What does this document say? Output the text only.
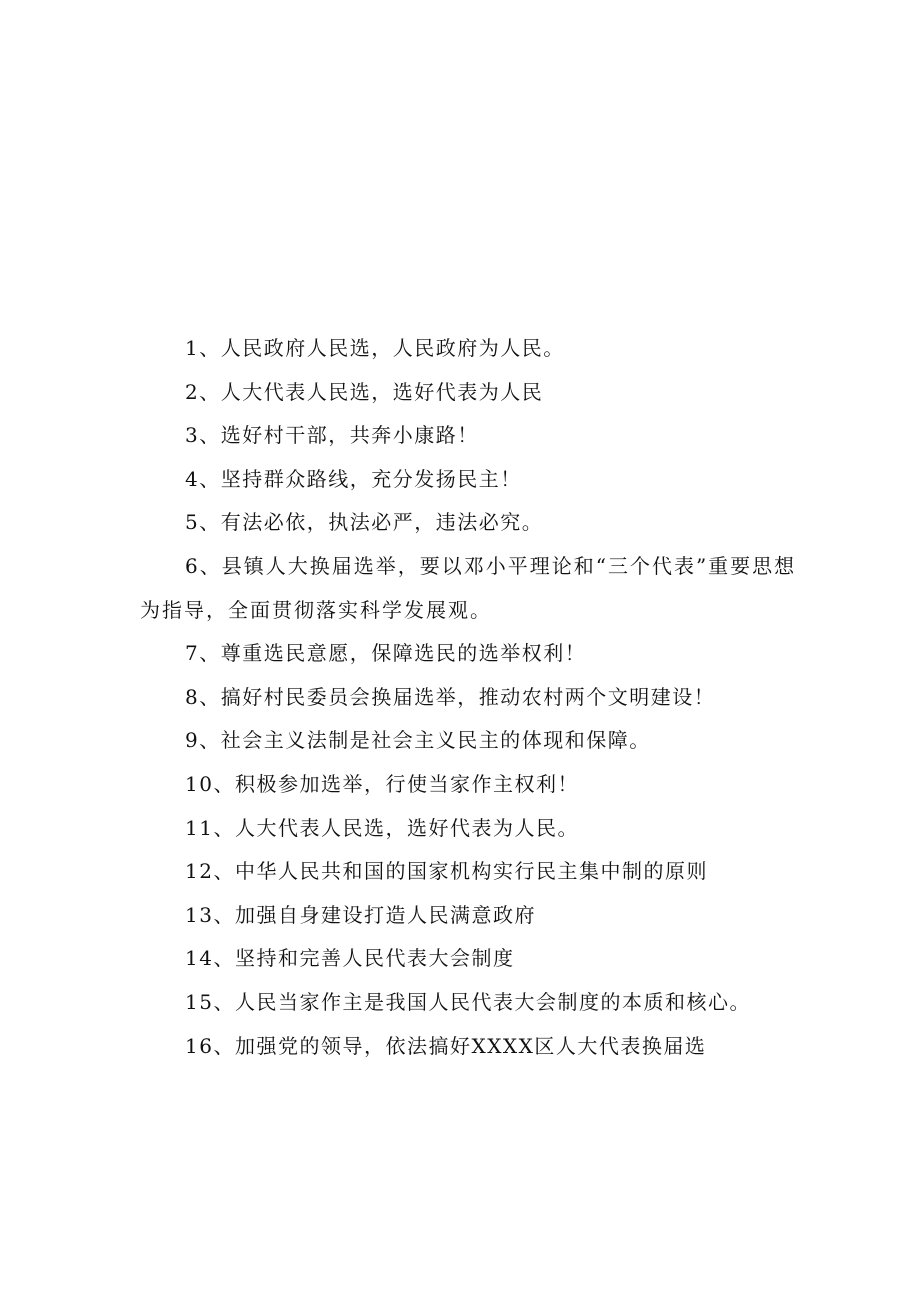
1、人民政府人民选，人民政府为人民。
2、人大代表人民选，选好代表为人民
3、选好村干部，共奔小康路！
4、坚持群众路线，充分发扬民主！
5、有法必依，执法必严，违法必究。
6、县镇人大换届选举，要以邓小平理论和“三个代表”重要思想为指导，全面贯彻落实科学发展观。
7、尊重选民意愿，保障选民的选举权利！
8、搞好村民委员会换届选举，推动农村两个文明建设！
9、社会主义法制是社会主义民主的体现和保障。
10、积极参加选举，行使当家作主权利！
11、人大代表人民选，选好代表为人民。
12、中华人民共和国的国家机构实行民主集中制的原则
13、加强自身建设打造人民满意政府
14、坚持和完善人民代表大会制度
15、人民当家作主是我国人民代表大会制度的本质和核心。
16、加强党的领导，依法搞好XXXX区人大代表换届选
